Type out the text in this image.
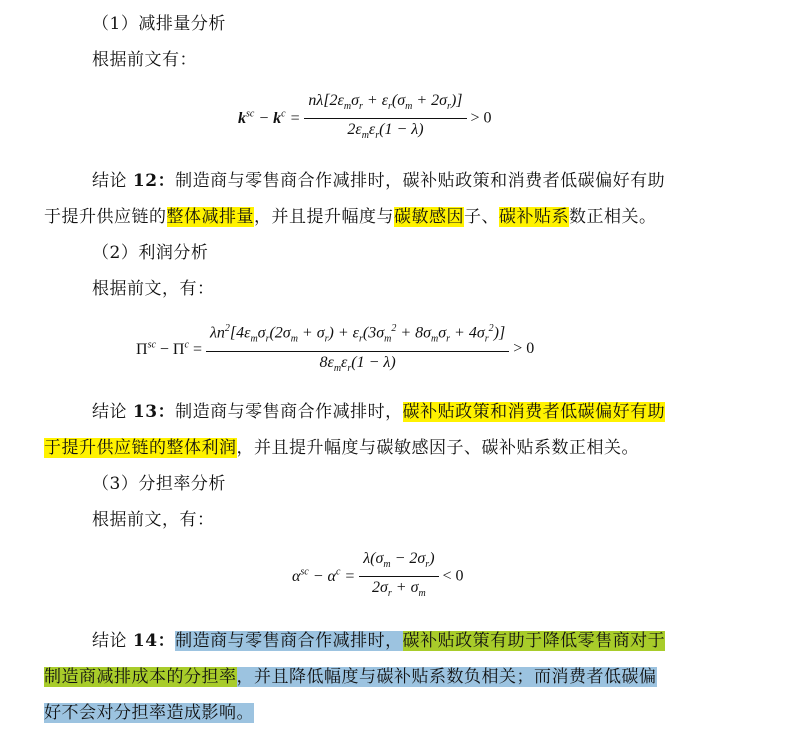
（1）减排量分析
根据前文有：
$k^{sc} - k^c = \frac{n\lambda[2\varepsilon_m\sigma_r + \varepsilon_r(\sigma_m + 2\sigma_r)]}{2\varepsilon_m\varepsilon_r(1 - \lambda)} > 0$
结论 12：制造商与零售商合作减排时，碳补贴政策和消费者低碳偏好有助
于提升供应链的整体减排量，并且提升幅度与碳敏感因子、碳补贴系数正相关。
（2）利润分析
根据前文，有：
$\Pi^{sc} - \Pi^c = \frac{\lambda n^2[4\varepsilon_m\sigma_r(2\sigma_m + \sigma_r) + \varepsilon_r(3\sigma_m^2 + 8\sigma_m\sigma_r + 4\sigma_r^2)]}{8\varepsilon_m\varepsilon_r(1 - \lambda)} > 0$
结论 13：制造商与零售商合作减排时，碳补贴政策和消费者低碳偏好有助
于提升供应链的整体利润，并且提升幅度与碳敏感因子、碳补贴系数正相关。
（3）分担率分析
根据前文，有：
$\alpha^{sc} - \alpha^c = \frac{\lambda(\sigma_m - 2\sigma_r)}{2\sigma_r + \sigma_m} < 0$
结论 14：制造商与零售商合作减排时，碳补贴政策有助于降低零售商对于
制造商减排成本的分担率，并且降低幅度与碳补贴系数负相关；而消费者低碳偏
好不会对分担率造成影响。
